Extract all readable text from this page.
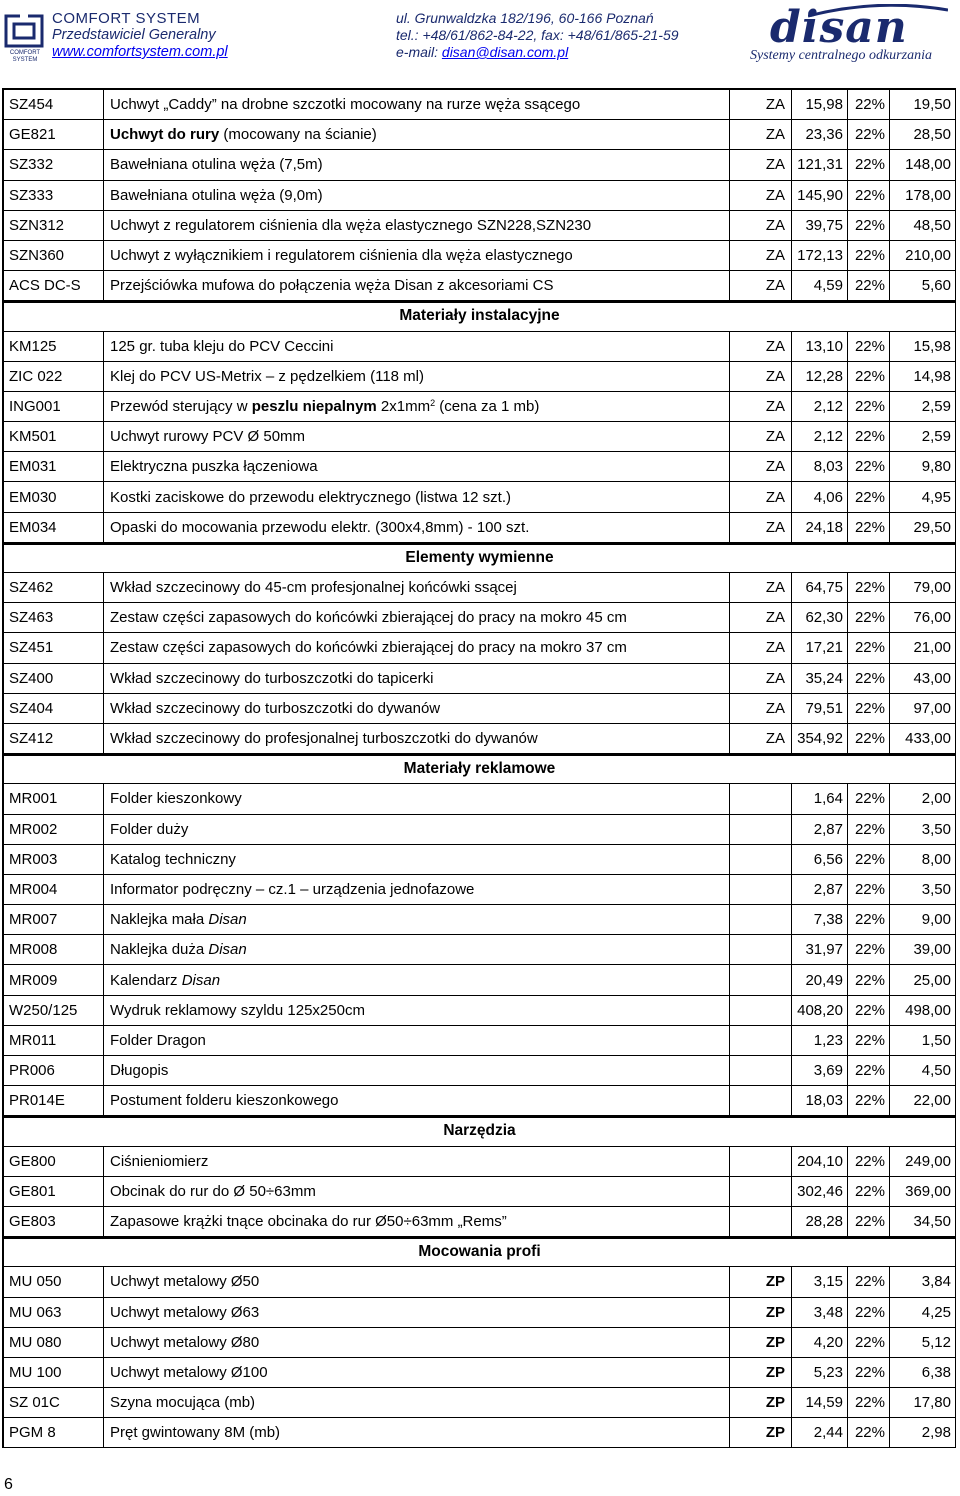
COMFORT
SYSTEM
COMFORT SYSTEM
Przedstawiciel Generalny
www.comfortsystem.com.pl
ul. Grunwaldzka 182/196, 60-166 Poznań
tel.: +48/61/862-84-22, fax: +48/61/865-21-59
e-mail: disan@disan.com.pl	disan
Systemy centralnego odkurzania
SZ454	Uchwyt „Caddy” na drobne szczotki mocowany na rurze węża ssącego	ZA	15,98 22%	19,50
GE821	Uchwyt do rury (mocowany na ścianie)	ZA	23,36 22%	28,50
SZ332	Bawełniana otulina węża (7,5m)	ZA 121,31 22%	148,00
SZ333	Bawełniana otulina węża (9,0m)	ZA 145,90 22%	178,00
SZN312	Uchwyt z regulatorem ciśnienia dla węża elastycznego SZN228,SZN230	ZA	39,75 22%	48,50
SZN360	Uchwyt z wyłącznikiem i regulatorem ciśnienia dla węża elastycznego	ZA 172,13 22%	210,00
ACS DC-S	Przejściówka mufowa do połączenia węża Disan z akcesoriami CS	ZA	4,59 22%	5,60
Materiały instalacyjne
KM125	125 gr. tuba kleju do PCV Ceccini	ZA	13,10 22%	15,98
ZIC 022	Klej do PCV US-Metrix – z pędzelkiem (118 ml)	ZA	12,28 22%	14,98
ING001	Przewód sterujący w peszlu niepalnym $2x1mm^2$ (cena za 1 mb)	ZA	2,12 22%	2,59
KM501	Uchwyt rurowy PCV Ø 50mm	ZA	2,12 22%	2,59
EM031	Elektryczna puszka łączeniowa	ZA	8,03 22%	9,80
EM030	Kostki zaciskowe do przewodu elektrycznego (listwa 12 szt.)	ZA	4,06 22%	4,95
EM034	Opaski do mocowania przewodu elektr. (300x4,8mm) - 100 szt.	ZA	24,18 22%	29,50
Elementy wymienne
SZ462	Wkład szczecinowy do 45-cm profesjonalnej końcówki ssącej	ZA	64,75 22%	79,00
SZ463	Zestaw części zapasowych do końcówki zbierającej do pracy na mokro 45 cm	ZA	62,30 22%	76,00
SZ451	Zestaw części zapasowych do końcówki zbierającej do pracy na mokro 37 cm	ZA	17,21 22%	21,00
SZ400	Wkład szczecinowy do turboszczotki do tapicerki	ZA	35,24 22%	43,00
SZ404	Wkład szczecinowy do turboszczotki do dywanów	ZA	79,51 22%	97,00
SZ412	Wkład szczecinowy do profesjonalnej turboszczotki do dywanów	ZA 354,92 22%	433,00
Materiały reklamowe
MR001	Folder kieszonkowy	1,64 22%	2,00
MR002	Folder duży	2,87 22%	3,50
MR003	Katalog techniczny	6,56 22%	8,00
MR004	Informator podręczny – cz.1 – urządzenia jednofazowe	2,87 22%	3,50
MR007	Naklejka mała Disan	7,38 22%	9,00
MR008	Naklejka duża Disan	31,97 22%	39,00
MR009	Kalendarz Disan	20,49 22%	25,00
W250/125	Wydruk reklamowy szyldu 125x250cm	408,20 22%	498,00
MR011	Folder Dragon	1,23 22%	1,50
PR006	Długopis	3,69 22%	4,50
PR014E	Postument folderu kieszonkowego	18,03 22%	22,00
Narzędzia
GE800	Ciśnieniomierz	204,10 22%	249,00
GE801	Obcinak do rur do Ø 50÷63mm	302,46 22%	369,00
GE803	Zapasowe krążki tnące obcinaka do rur Ø50÷63mm „Rems”	28,28 22%	34,50
Mocowania profi
MU 050	Uchwyt metalowy Ø50	ZP	3,15 22%	3,84
MU 063	Uchwyt metalowy Ø63	ZP	3,48 22%	4,25
MU 080	Uchwyt metalowy Ø80	ZP	4,20 22%	5,12
MU 100	Uchwyt metalowy Ø100	ZP	5,23 22%	6,38
SZ 01C	Szyna mocująca (mb)	ZP	14,59 22%	17,80
PGM 8	Pręt gwintowany 8M (mb)	ZP	2,44 22%	2,98
6
